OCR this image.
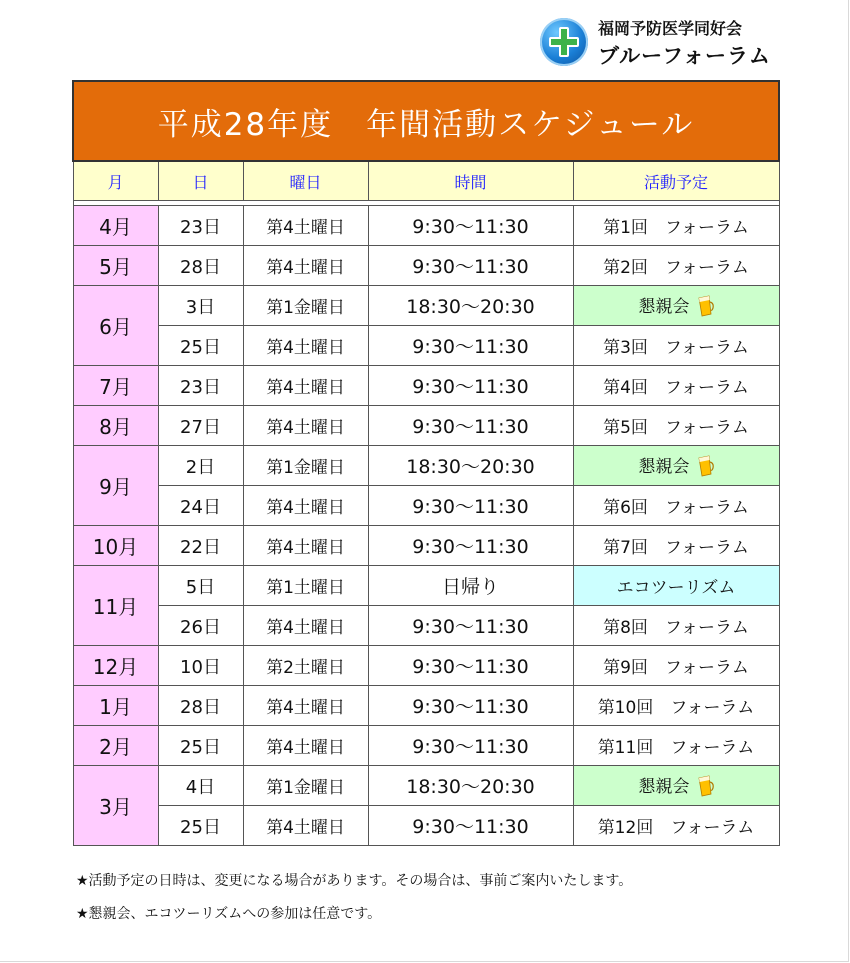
福岡予防医学同好会
ブルーフォーラム
平成28年度　年間活動スケジュール				
月	日	曜日	時間	活動予定

4月	23日	第4土曜日	9:30～11:30	第1回　フォーラム
5月	28日	第4土曜日	9:30～11:30	第2回　フォーラム
6月	3日	第1金曜日	18:30～20:30	懇親会
	25日	第4土曜日	9:30～11:30	第3回　フォーラム
7月	23日	第4土曜日	9:30～11:30	第4回　フォーラム
8月	27日	第4土曜日	9:30～11:30	第5回　フォーラム
9月	2日	第1金曜日	18:30～20:30	懇親会
	24日	第4土曜日	9:30～11:30	第6回　フォーラム
10月	22日	第4土曜日	9:30～11:30	第7回　フォーラム
11月	5日	第1土曜日	日帰り	エコツーリズム
	26日	第4土曜日	9:30～11:30	第8回　フォーラム
12月	10日	第2土曜日	9:30～11:30	第9回　フォーラム
1月	28日	第4土曜日	9:30～11:30	第10回　フォーラム
2月	25日	第4土曜日	9:30～11:30	第11回　フォーラム
3月	4日	第1金曜日	18:30～20:30	懇親会
	25日	第4土曜日	9:30～11:30	第12回　フォーラム
★活動予定の日時は、変更になる場合があります。その場合は、事前ご案内いたします。
★懇親会、エコツーリズムへの参加は任意です。
